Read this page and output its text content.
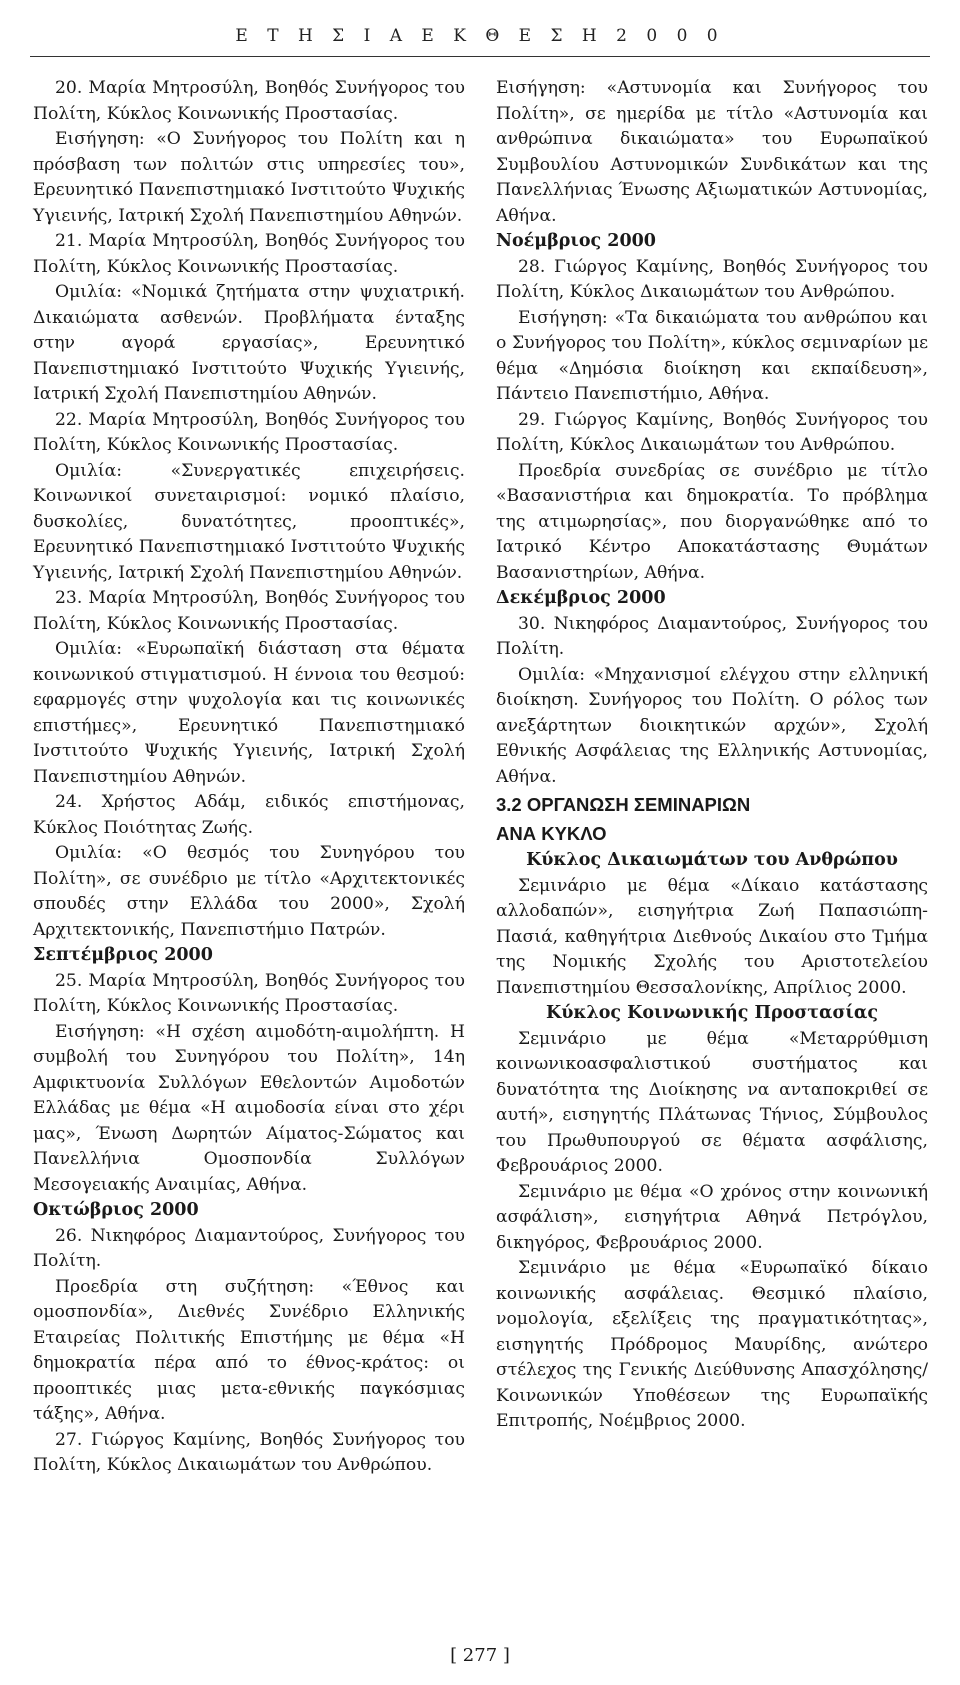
Ε Τ Η Σ Ι Α Ε Κ Θ Ε Σ Η 2 0 0 0

20. Μαρία Μητροσύλη, Βοηθός Συνήγορος του Πολίτη, Κύκλος Κοινωνικής Προστασίας.

Εισήγηση: «Ο Συνήγορος του Πολίτη και η πρόσβαση των πολιτών στις υπηρεσίες του», Ερευνητικό Πανεπιστημιακό Ινστιτούτο Ψυχικής Υγιεινής, Ιατρική Σχολή Πανεπιστημίου Αθηνών.

21. Μαρία Μητροσύλη, Βοηθός Συνήγορος του Πολίτη, Κύκλος Κοινωνικής Προστασίας.

Ομιλία: «Νομικά ζητήματα στην ψυχιατρική. Δικαιώματα ασθενών. Προβλήματα ένταξης στην αγορά εργασίας», Ερευνητικό Πανεπιστημιακό Ινστιτούτο Ψυχικής Υγιεινής, Ιατρική Σχολή Πανεπιστημίου Αθηνών.

22. Μαρία Μητροσύλη, Βοηθός Συνήγορος του Πολίτη, Κύκλος Κοινωνικής Προστασίας.

Ομιλία: «Συνεργατικές επιχειρήσεις. Κοινωνικοί συνεταιρισμοί: νομικό πλαίσιο, δυσκολίες, δυνατότητες, προοπτικές», Ερευνητικό Πανεπιστημιακό Ινστιτούτο Ψυχικής Υγιεινής, Ιατρική Σχολή Πανεπιστημίου Αθηνών.

23. Μαρία Μητροσύλη, Βοηθός Συνήγορος του Πολίτη, Κύκλος Κοινωνικής Προστασίας.

Ομιλία: «Ευρωπαϊκή διάσταση στα θέματα κοινωνικού στιγματισμού. Η έννοια του θεσμού: εφαρμογές στην ψυχολογία και τις κοινωνικές επιστήμες», Ερευνητικό Πανεπιστημιακό Ινστιτούτο Ψυχικής Υγιεινής, Ιατρική Σχολή Πανεπιστημίου Αθηνών.

24. Χρήστος Αδάμ, ειδικός επιστήμονας, Κύκλος Ποιότητας Ζωής.

Ομιλία: «Ο θεσμός του Συνηγόρου του Πολίτη», σε συνέδριο με τίτλο «Αρχιτεκτονικές σπουδές στην Ελλάδα του 2000», Σχολή Αρχιτεκτονικής, Πανεπιστήμιο Πατρών.

Σεπτέμβριος 2000

25. Μαρία Μητροσύλη, Βοηθός Συνήγορος του Πολίτη, Κύκλος Κοινωνικής Προστασίας.

Εισήγηση: «Η σχέση αιμοδότη-αιμολήπτη. Η συμβολή του Συνηγόρου του Πολίτη», 14η Αμφικτυονία Συλλόγων Εθελοντών Αιμοδοτών Ελλάδας με θέμα «Η αιμοδοσία είναι στο χέρι μας», Ένωση Δωρητών Αίματος-Σώματος και Πανελλήνια Ομοσπονδία Συλλόγων Μεσογειακής Αναιμίας, Αθήνα.

Οκτώβριος 2000

26. Νικηφόρος Διαμαντούρος, Συνήγορος του Πολίτη.

Προεδρία στη συζήτηση: «Έθνος και ομοσπονδία», Διεθνές Συνέδριο Ελληνικής Εταιρείας Πολιτικής Επιστήμης με θέμα «Η δημοκρατία πέρα από το έθνος-κράτος: οι προοπτικές μιας μετα-εθνικής παγκόσμιας τάξης», Αθήνα.

27. Γιώργος Καμίνης, Βοηθός Συνήγορος του Πολίτη, Κύκλος Δικαιωμάτων του Ανθρώπου.

Εισήγηση: «Αστυνομία και Συνήγορος του Πολίτη», σε ημερίδα με τίτλο «Αστυνομία και ανθρώπινα δικαιώματα» του Ευρωπαϊκού Συμβουλίου Αστυνομικών Συνδικάτων και της Πανελλήνιας Ένωσης Αξιωματικών Αστυνομίας, Αθήνα.

Νοέμβριος 2000

28. Γιώργος Καμίνης, Βοηθός Συνήγορος του Πολίτη, Κύκλος Δικαιωμάτων του Ανθρώπου.

Εισήγηση: «Τα δικαιώματα του ανθρώπου και ο Συνήγορος του Πολίτη», κύκλος σεμιναρίων με θέμα «Δημόσια διοίκηση και εκπαίδευση», Πάντειο Πανεπιστήμιο, Αθήνα.

29. Γιώργος Καμίνης, Βοηθός Συνήγορος του Πολίτη, Κύκλος Δικαιωμάτων του Ανθρώπου.

Προεδρία συνεδρίας σε συνέδριο με τίτλο «Βασανιστήρια και δημοκρατία. Το πρόβλημα της ατιμωρησίας», που διοργανώθηκε από το Ιατρικό Κέντρο Αποκατάστασης Θυμάτων Βασανιστηρίων, Αθήνα.

Δεκέμβριος 2000

30. Νικηφόρος Διαμαντούρος, Συνήγορος του Πολίτη.

Ομιλία: «Μηχανισμοί ελέγχου στην ελληνική διοίκηση. Συνήγορος του Πολίτη. Ο ρόλος των ανεξάρτητων διοικητικών αρχών», Σχολή Εθνικής Ασφάλειας της Ελληνικής Αστυνομίας, Αθήνα.

3.2 ΟΡΓΑΝΩΣΗ ΣΕΜΙΝΑΡΙΩΝ
ΑΝΑ ΚΥΚΛΟ

Κύκλος Δικαιωμάτων του Ανθρώπου

Σεμινάριο με θέμα «Δίκαιο κατάστασης αλλοδαπών», εισηγήτρια Ζωή Παπασιώπη-Πασιά, καθηγήτρια Διεθνούς Δικαίου στο Τμήμα της Νομικής Σχολής του Αριστοτελείου Πανεπιστημίου Θεσσαλονίκης, Απρίλιος 2000.

Κύκλος Κοινωνικής Προστασίας

Σεμινάριο με θέμα «Μεταρρύθμιση κοινωνικοασφαλιστικού συστήματος και δυνατότητα της Διοίκησης να ανταποκριθεί σε αυτή», εισηγητής Πλάτωνας Τήνιος, Σύμβουλος του Πρωθυπουργού σε θέματα ασφάλισης, Φεβρουάριος 2000.

Σεμινάριο με θέμα «Ο χρόνος στην κοινωνική ασφάλιση», εισηγήτρια Αθηνά Πετρόγλου, δικηγόρος, Φεβρουάριος 2000.

Σεμινάριο με θέμα «Ευρωπαϊκό δίκαιο κοινωνικής ασφάλειας. Θεσμικό πλαίσιο, νομολογία, εξελίξεις της πραγματικότητας», εισηγητής Πρόδρομος Μαυρίδης, ανώτερο στέλεχος της Γενικής Διεύθυνσης Απασχόλησης/Κοινωνικών Υποθέσεων της Ευρωπαϊκής Επιτροπής, Νοέμβριος 2000.

[ 277 ]
